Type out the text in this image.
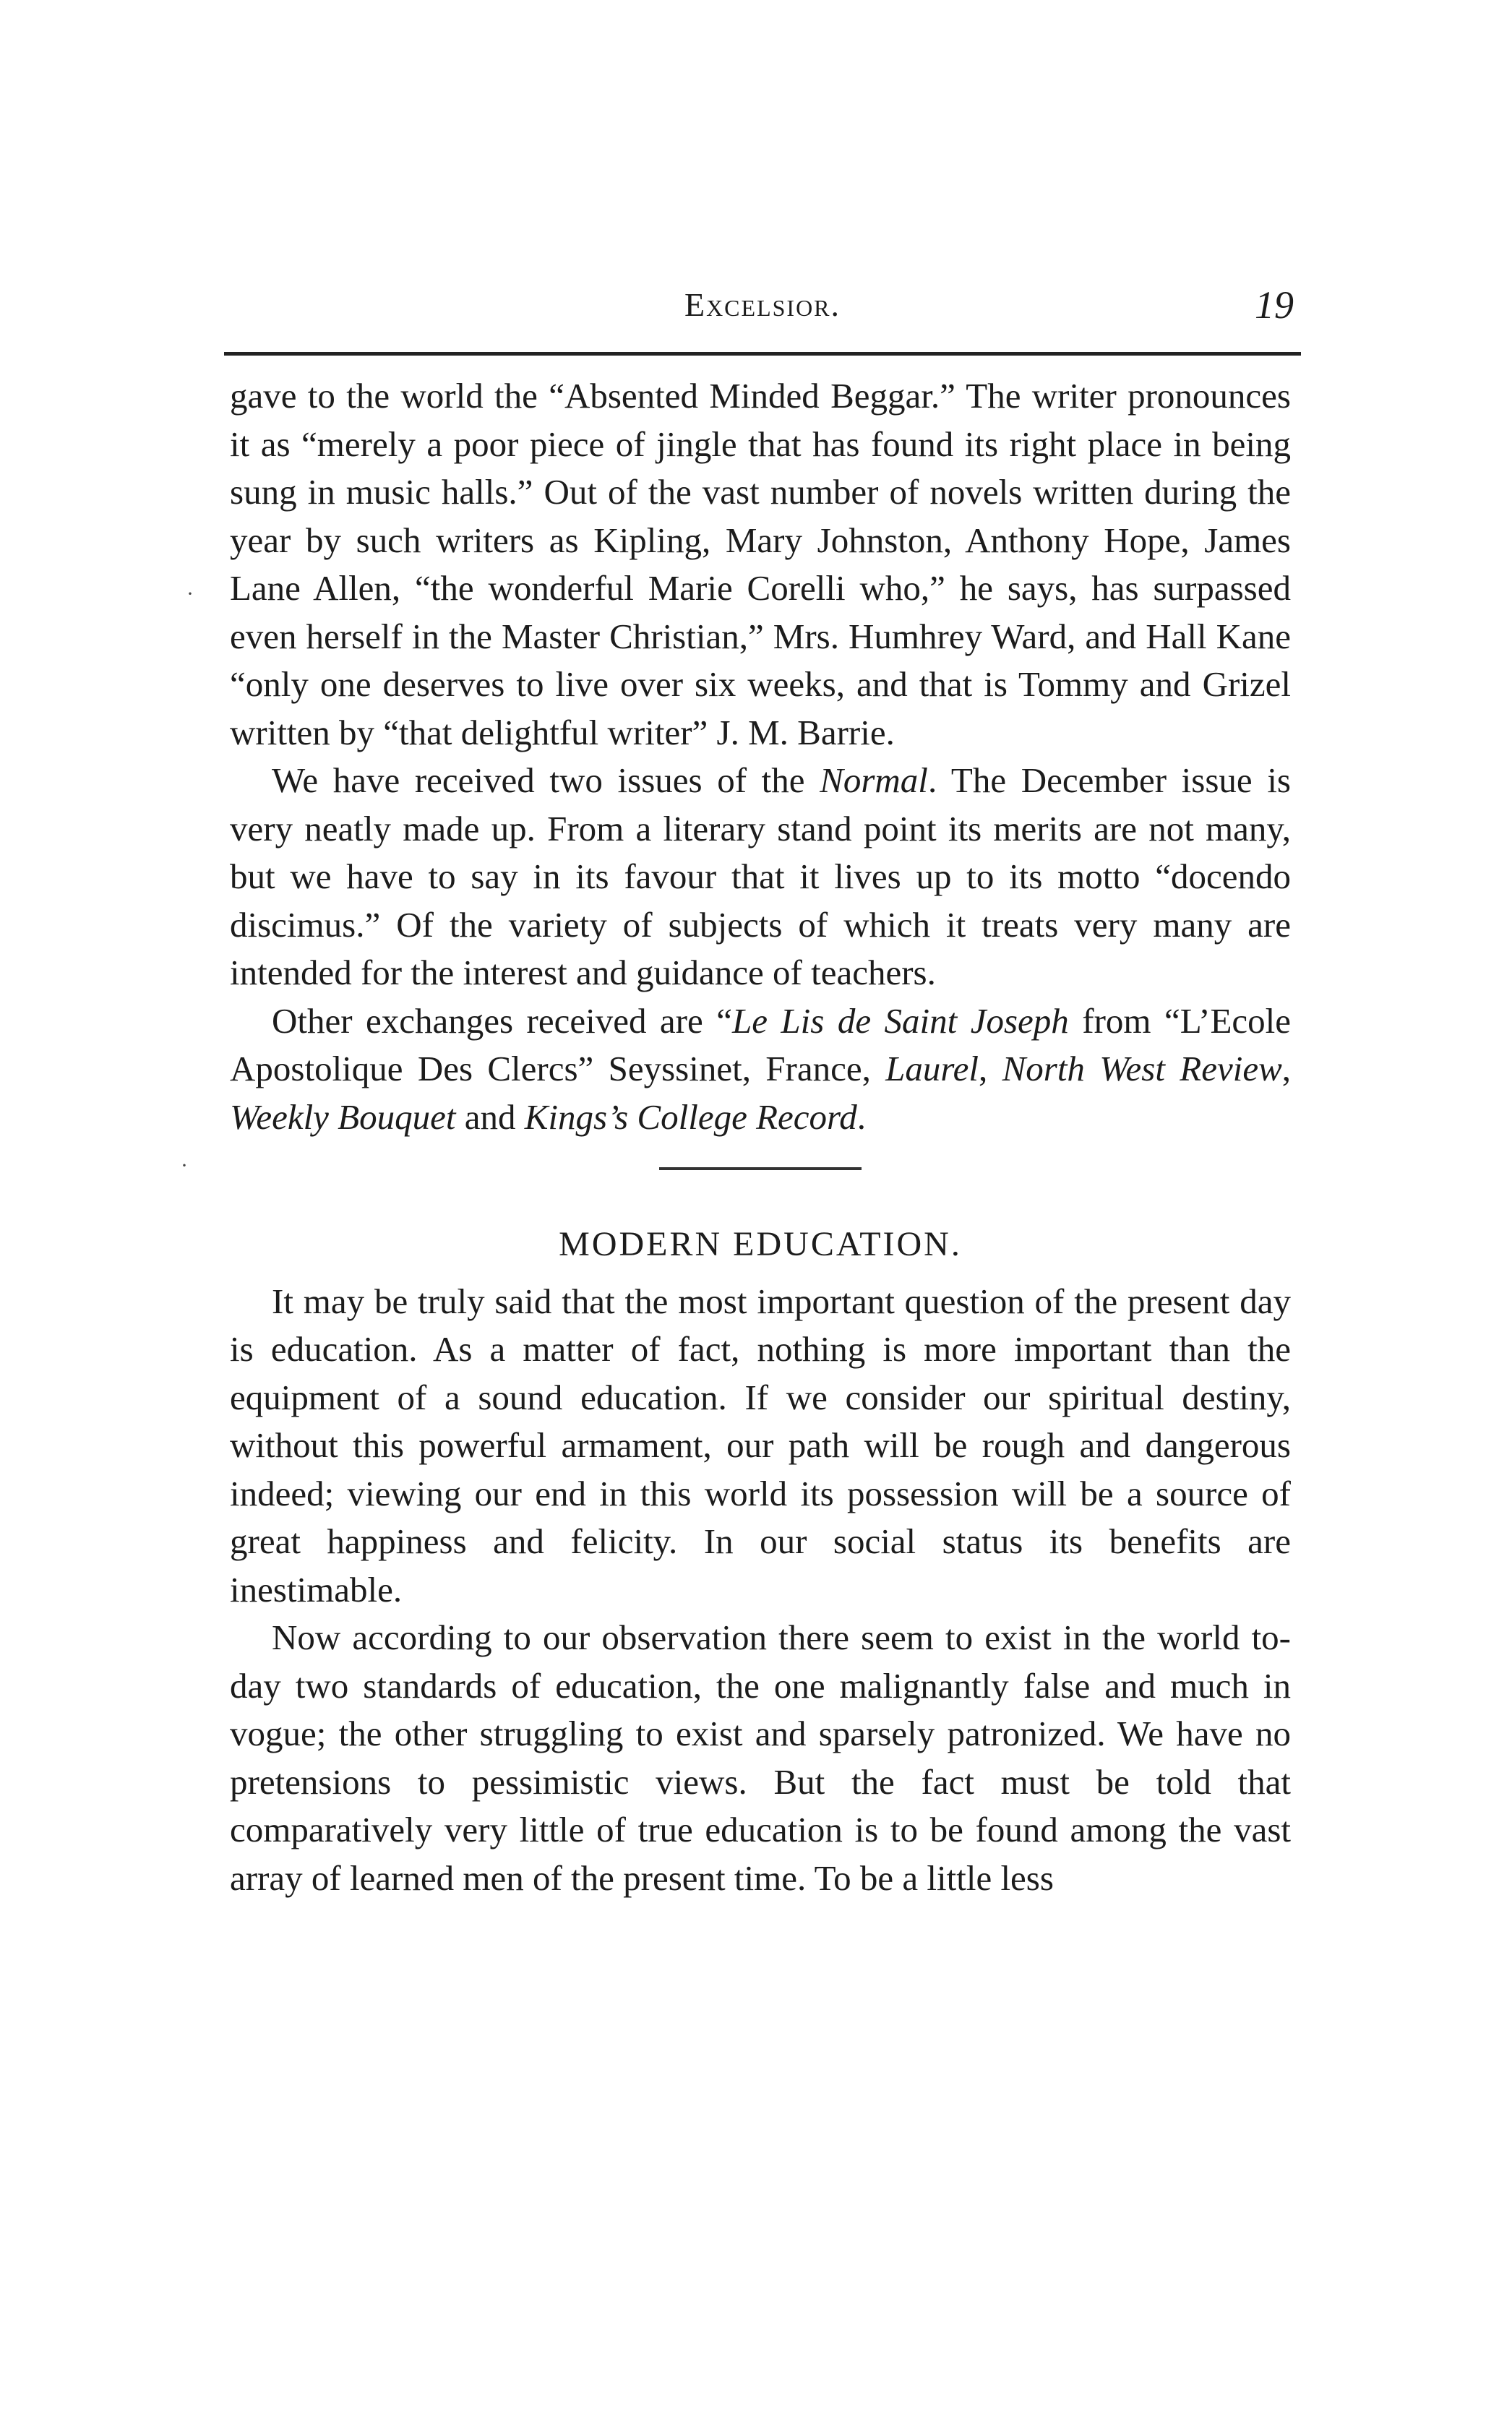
Excelsior.	19
·
·

gave to the world the “Absented Minded Beggar.” The writer pronounces it as “merely a poor piece of jingle that has found its right place in being sung in music halls.” Out of the vast number of novels written during the year by such writers as Kipling, Mary Johnston, Anthony Hope, James Lane Allen, “the wonderful Marie Corelli who,” he says, has surpassed even herself in the Master Christian,” Mrs. Humhrey Ward, and Hall Kane “only one deserves to live over six weeks, and that is Tommy and Grizel written by “that delightful writer” J. M. Barrie.

We have received two issues of the Normal. The December issue is very neatly made up. From a literary stand point its merits are not many, but we have to say in its favour that it lives up to its motto “docendo discimus.” Of the variety of subjects of which it treats very many are intended for the interest and guidance of teachers.

Other exchanges received are “Le Lis de Saint Joseph from “L’Ecole Apostolique Des Clercs” Seyssinet, France, Laurel, North West Review, Weekly Bouquet and Kings’s College Record.

MODERN EDUCATION.

It may be truly said that the most important question of the present day is education. As a matter of fact, nothing is more important than the equipment of a sound education. If we consider our spiritual destiny, without this powerful armament, our path will be rough and dangerous indeed; viewing our end in this world its possession will be a source of great happiness and felicity. In our social status its benefits are inestimable.

Now according to our observation there seem to exist in the world to-day two standards of education, the one malignantly false and much in vogue; the other struggling to exist and sparsely patronized. We have no pretensions to pessimistic views. But the fact must be told that comparatively very little of true education is to be found among the vast array of learned men of the present time. To be a little less
